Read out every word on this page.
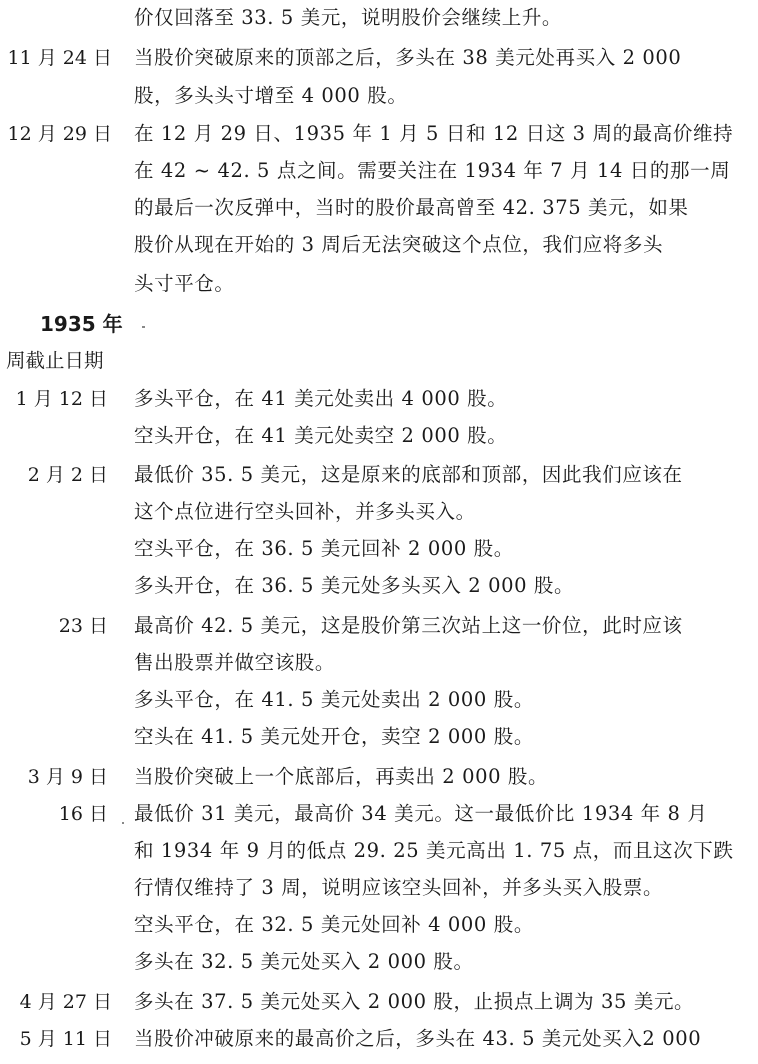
价仅回落至 33. 5 美元，说明股价会继续上升。
11 月 24 日 当股价突破原来的顶部之后，多头在 38 美元处再买入 2 000
股，多头头寸增至 4 000 股。
12 月 29 日 在 12 月 29 日、1935 年 1 月 5 日和 12 日这 3 周的最高价维持
在 42 ~ 42. 5 点之间。需要关注在 1934 年 7 月 14 日的那一周
的最后一次反弹中，当时的股价最高曾至 42. 375 美元，如果
股价从现在开始的 3 周后无法突破这个点位，我们应将多头
头寸平仓。
1935 年
周截止日期
1 月 12 日 多头平仓，在 41 美元处卖出 4 000 股。
空头开仓，在 41 美元处卖空 2 000 股。
2 月 2 日 最低价 35. 5 美元，这是原来的底部和顶部，因此我们应该在
这个点位进行空头回补，并多头买入。
空头平仓，在 36. 5 美元回补 2 000 股。
多头开仓，在 36. 5 美元处多头买入 2 000 股。
23 日 最高价 42. 5 美元，这是股价第三次站上这一价位，此时应该
售出股票并做空该股。
多头平仓，在 41. 5 美元处卖出 2 000 股。
空头在 41. 5 美元处开仓，卖空 2 000 股。
3 月 9 日 当股价突破上一个底部后，再卖出 2 000 股。
16 日 最低价 31 美元，最高价 34 美元。这一最低价比 1934 年 8 月
和 1934 年 9 月的低点 29. 25 美元高出 1. 75 点，而且这次下跌
行情仅维持了 3 周，说明应该空头回补，并多头买入股票。
空头平仓，在 32. 5 美元处回补 4 000 股。
多头在 32. 5 美元处买入 2 000 股。
4 月 27 日 多头在 37. 5 美元处买入 2 000 股，止损点上调为 35 美元。
5 月 11 日 当股价冲破原来的最高价之后，多头在 43. 5 美元处买入2 000
